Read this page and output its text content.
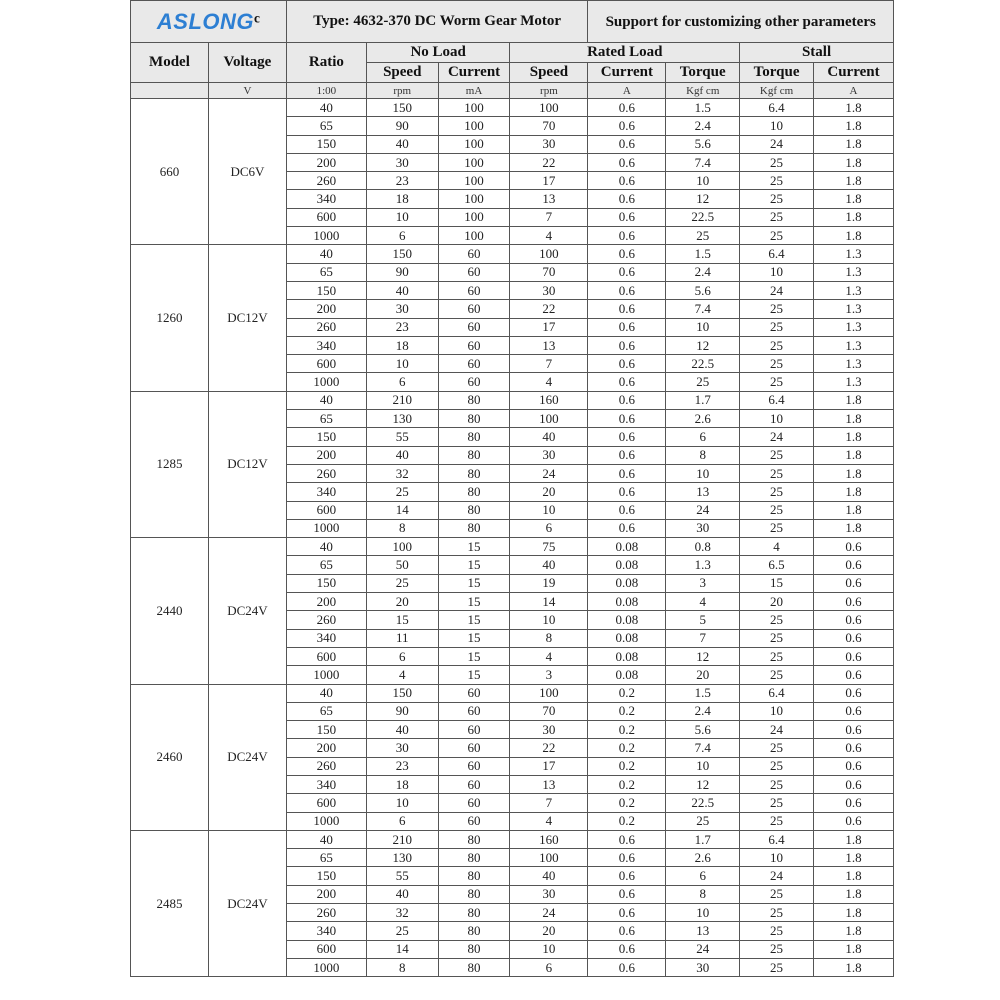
ASLONG$^c$		Type: 4632-370 DC Worm Gear Motor				Support for customizing other parameters			
Model	Voltage	Ratio	No Load		Rated Load			Stall	
			Speed	Current	Speed	Current	Torque	Torque	Current
	V	1:00	rpm	mA	rpm	A	Kgf cm	Kgf cm	A
660	DC6V	40	150	100	100	0.6	1.5	6.4	1.8
		65	90	100	70	0.6	2.4	10	1.8
		150	40	100	30	0.6	5.6	24	1.8
		200	30	100	22	0.6	7.4	25	1.8
		260	23	100	17	0.6	10	25	1.8
		340	18	100	13	0.6	12	25	1.8
		600	10	100	7	0.6	22.5	25	1.8
		1000	6	100	4	0.6	25	25	1.8
1260	DC12V	40	150	60	100	0.6	1.5	6.4	1.3
		65	90	60	70	0.6	2.4	10	1.3
		150	40	60	30	0.6	5.6	24	1.3
		200	30	60	22	0.6	7.4	25	1.3
		260	23	60	17	0.6	10	25	1.3
		340	18	60	13	0.6	12	25	1.3
		600	10	60	7	0.6	22.5	25	1.3
		1000	6	60	4	0.6	25	25	1.3
1285	DC12V	40	210	80	160	0.6	1.7	6.4	1.8
		65	130	80	100	0.6	2.6	10	1.8
		150	55	80	40	0.6	6	24	1.8
		200	40	80	30	0.6	8	25	1.8
		260	32	80	24	0.6	10	25	1.8
		340	25	80	20	0.6	13	25	1.8
		600	14	80	10	0.6	24	25	1.8
		1000	8	80	6	0.6	30	25	1.8
2440	DC24V	40	100	15	75	0.08	0.8	4	0.6
		65	50	15	40	0.08	1.3	6.5	0.6
		150	25	15	19	0.08	3	15	0.6
		200	20	15	14	0.08	4	20	0.6
		260	15	15	10	0.08	5	25	0.6
		340	11	15	8	0.08	7	25	0.6
		600	6	15	4	0.08	12	25	0.6
		1000	4	15	3	0.08	20	25	0.6
2460	DC24V	40	150	60	100	0.2	1.5	6.4	0.6
		65	90	60	70	0.2	2.4	10	0.6
		150	40	60	30	0.2	5.6	24	0.6
		200	30	60	22	0.2	7.4	25	0.6
		260	23	60	17	0.2	10	25	0.6
		340	18	60	13	0.2	12	25	0.6
		600	10	60	7	0.2	22.5	25	0.6
		1000	6	60	4	0.2	25	25	0.6
2485	DC24V	40	210	80	160	0.6	1.7	6.4	1.8
		65	130	80	100	0.6	2.6	10	1.8
		150	55	80	40	0.6	6	24	1.8
		200	40	80	30	0.6	8	25	1.8
		260	32	80	24	0.6	10	25	1.8
		340	25	80	20	0.6	13	25	1.8
		600	14	80	10	0.6	24	25	1.8
		1000	8	80	6	0.6	30	25	1.8
